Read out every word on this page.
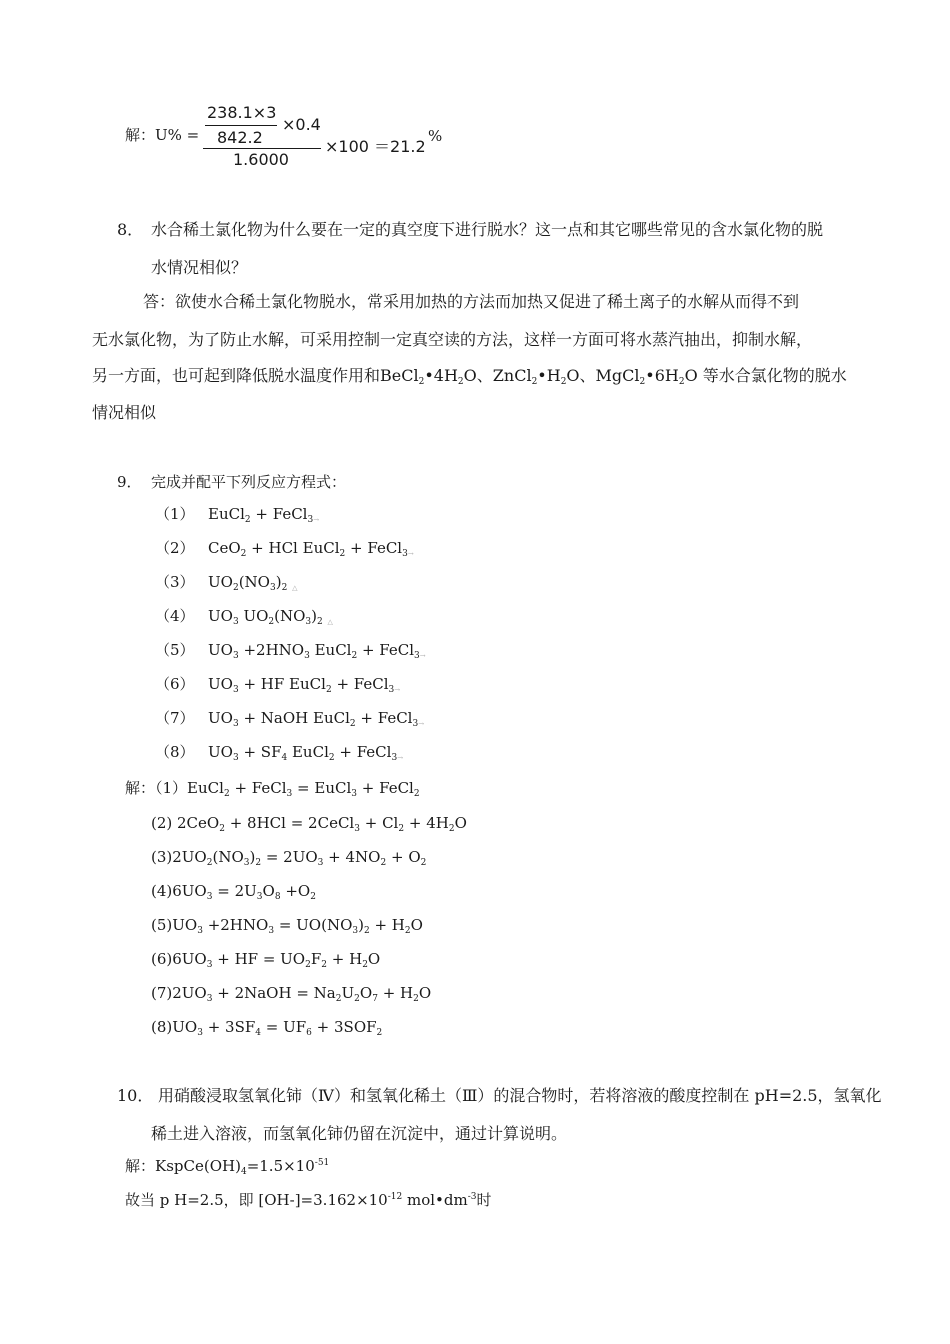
解：U% =
238.1×3
842.2
×0.4
1.6000
×100 ＝21.2
%
8． 水合稀土氯化物为什么要在一定的真空度下进行脱水？这一点和其它哪些常见的含水氯化物的脱
水情况相似？
答：欲使水合稀土氯化物脱水，常采用加热的方法而加热又促进了稀土离子的水解从而得不到
无水氯化物，为了防止水解，可采用控制一定真空读的方法，这样一方面可将水蒸汽抽出，抑制水解，
另一方面，也可起到降低脱水温度作用和$BeCl_2•4H_2O$、$ZnCl_2•H_2O$、$MgCl_2•6H_2O$ 等水合氯化物的脱水
情况相似
9． 完成并配平下列反应方程式：
（1） EuCl$_2$ + FeCl$_{3\to}$
（2） CeO$_2$ + HCl EuCl$_2$ + FeCl$_{3\to}$
（3） $UO_2(NO_3)_2$ $_\triangle$
（4） $UO_3$ $UO_2(NO_3)_2$ $_\triangle$
（5） $UO_3 +2HNO_3$ EuCl$_2$ + FeCl$_{3\to}$
（6） $UO_3$ + HF EuCl$_2$ + FeCl$_{3\to}$
（7） $UO_3$ + NaOH EuCl$_2$ + FeCl$_{3\to}$
（8） $UO_3 + SF_4$ EuCl$_2$ + FeCl$_{3\to}$
解：（1）EuCl$_2$ + FeCl$_3$ = EuCl$_3$ + FeCl$_2$
(2) 2CeO$_2$ + 8HCl = 2CeCl$_3$ + $Cl_2 + 4H_2O$
$(3)2UO_2(NO_3)_2 = 2UO_3 + 4NO_2 + O_2$
$(4)6UO_3 = 2U_3O_8 +O_2$
$(5)UO_3 +2HNO_3 = UO(NO_3)_2 + H_2O$
$(6)6UO_3$ + HF = $UO_2F_2 + H_2O$
$(7)2UO_3$ + 2NaOH = $Na_2U_2O_7 + H_2O$
$(8)UO_3 + 3SF_4 = UF_6 + 3SOF_2$
10． 用硝酸浸取氢氧化铈（Ⅳ）和氢氧化稀土（Ⅲ）的混合物时，若将溶液的酸度控制在 pH=2.5，氢氧化
稀土进入溶液，而氢氧化铈仍留在沉淀中，通过计算说明。
解：$KspCe(OH)_4=1.5\times 10^{-51}$
故当 p H=2.5，即 $[OH-]=3.162\times 10^{-12}$ $mol•dm^{-3}$时
